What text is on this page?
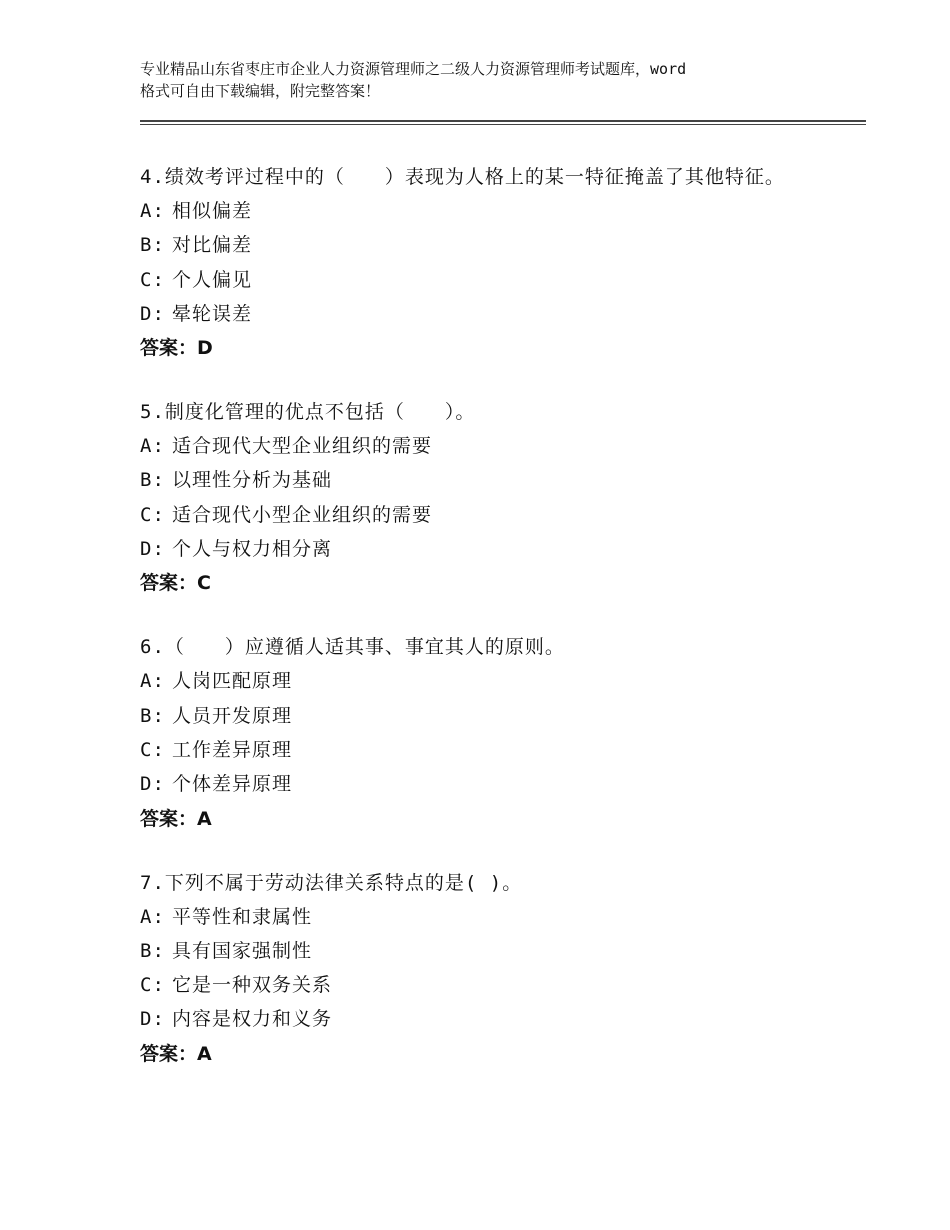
专业精品山东省枣庄市企业人力资源管理师之二级人力资源管理师考试题库，word
格式可自由下载编辑，附完整答案！

4.绩效考评过程中的（　　）表现为人格上的某一特征掩盖了其他特征。

A: 相似偏差

B: 对比偏差

C: 个人偏见

D: 晕轮误差

答案：D

5.制度化管理的优点不包括（　　）。

A: 适合现代大型企业组织的需要

B: 以理性分析为基础

C: 适合现代小型企业组织的需要

D: 个人与权力相分离

答案：C

6.（　　）应遵循人适其事、事宜其人的原则。

A: 人岗匹配原理

B: 人员开发原理

C: 工作差异原理

D: 个体差异原理

答案：A

7.下列不属于劳动法律关系特点的是( )。

A: 平等性和隶属性

B: 具有国家强制性

C: 它是一种双务关系

D: 内容是权力和义务

答案：A
